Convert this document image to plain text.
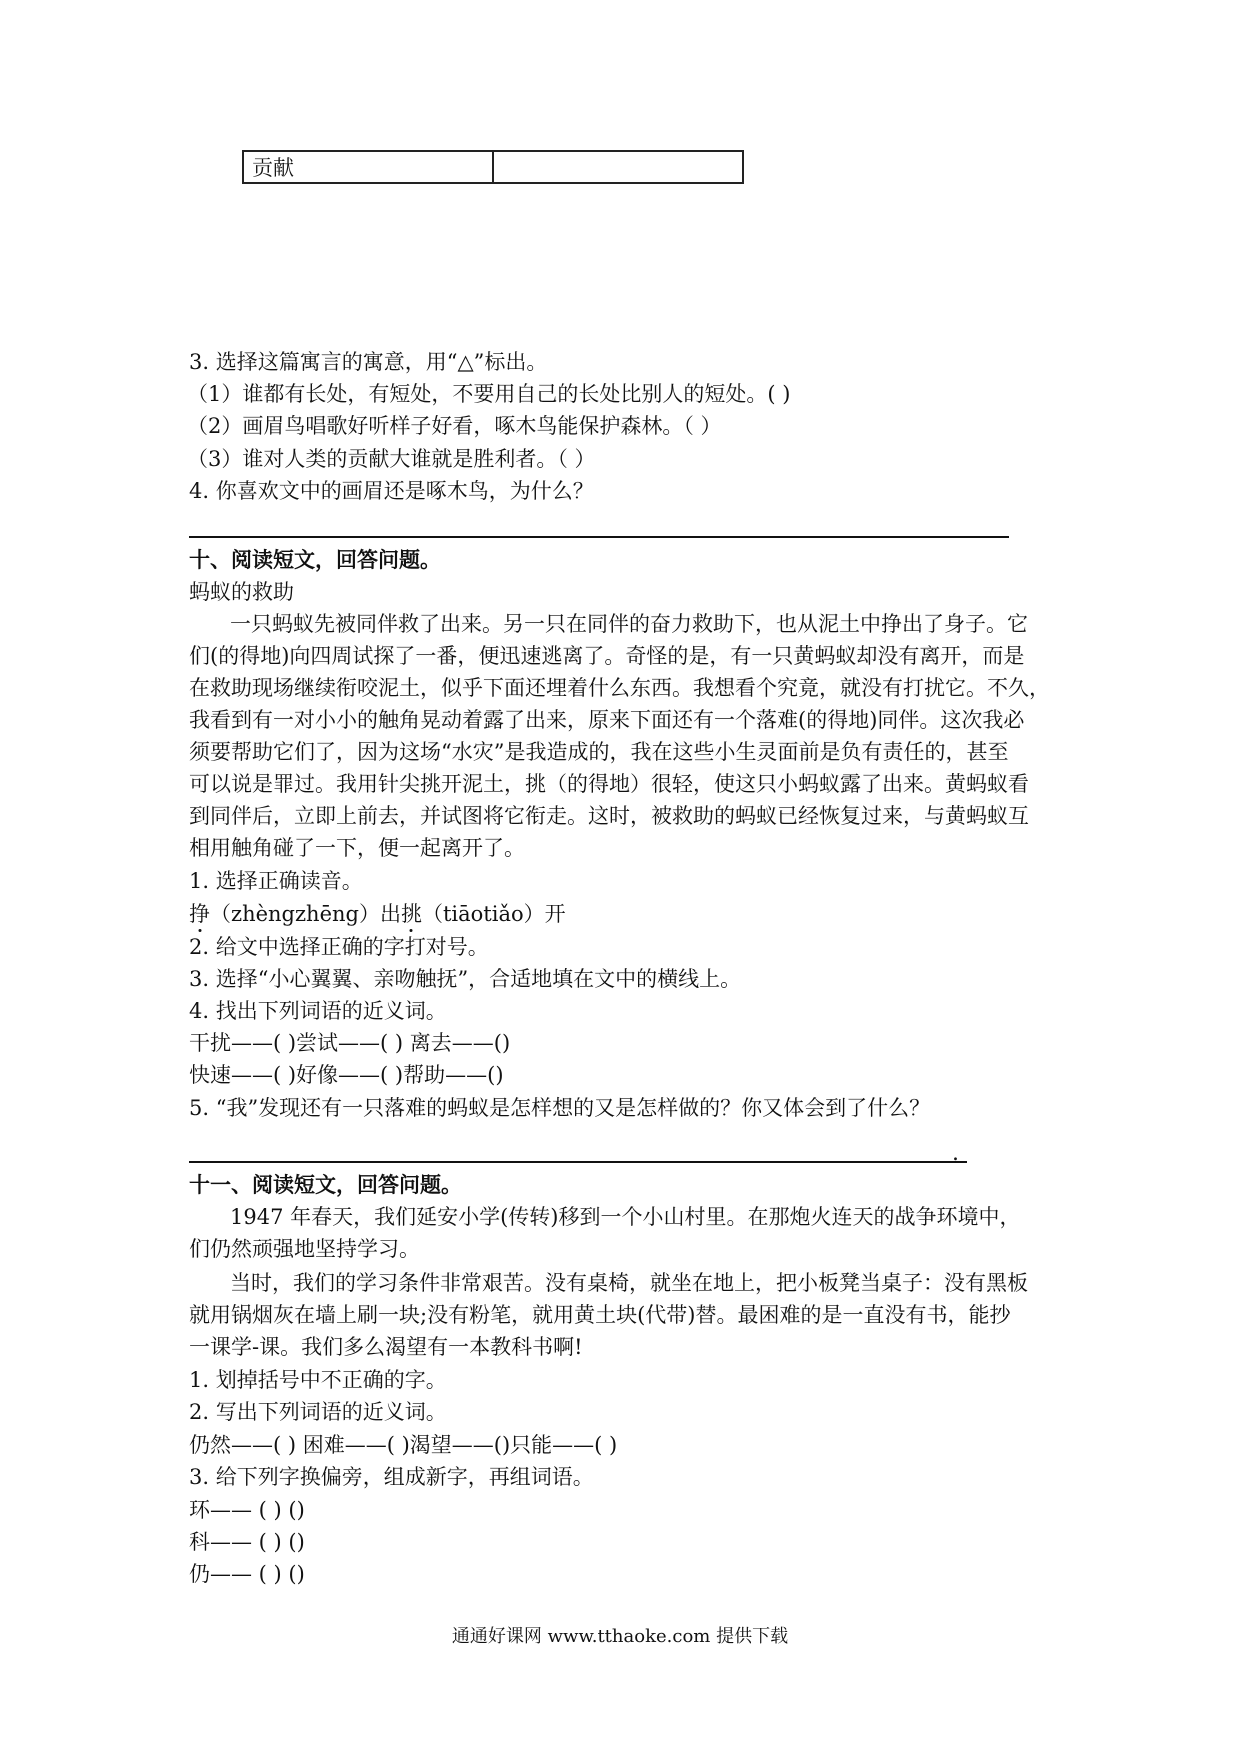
贡献	
3. 选择这篇寓言的寓意，用“△”标出。
（1）谁都有长处，有短处，不要用自己的长处比别人的短处。( )
（2）画眉鸟唱歌好听样子好看，啄木鸟能保护森林。（ ）
（3）谁对人类的贡献大谁就是胜利者。（ ）
4. 你喜欢文中的画眉还是啄木鸟，为什么？
十、阅读短文，回答问题。
蚂蚁的救助
一只蚂蚁先被同伴救了出来。另一只在同伴的奋力救助下，也从泥土中挣出了身子。它
们(的得地)向四周试探了一番，便迅速逃离了。奇怪的是，有一只黄蚂蚁却没有离开，而是
在救助现场继续衔咬泥土，似乎下面还埋着什么东西。我想看个究竟，就没有打扰它。不久，
我看到有一对小小的触角晃动着露了出来，原来下面还有一个落难(的得地)同伴。这次我必
须要帮助它们了，因为这场“水灾”是我造成的，我在这些小生灵面前是负有责任的，甚至
可以说是罪过。我用针尖挑开泥土，挑（的得地）很轻，使这只小蚂蚁露了出来。黄蚂蚁看
到同伴后，立即上前去，并试图将它衔走。这时，被救助的蚂蚁已经恢复过来，与黄蚂蚁互
相用触角碰了一下，便一起离开了。
1. 选择正确读音。
挣（zhèngzhēng）出挑（tiāotiǎo）开
2. 给文中选择正确的字打对号。
3. 选择“小心翼翼、亲吻触抚”，合适地填在文中的横线上。
4. 找出下列词语的近义词。
干扰——( )尝试——( ) 离去——()
快速——( )好像——( )帮助——()
5. “我”发现还有一只落难的蚂蚁是怎样想的又是怎样做的？你又体会到了什么？
.
十一、阅读短文，回答问题。
1947 年春天，我们延安小学(传转)移到一个小山村里。在那炮火连天的战争环境中，
们仍然顽强地坚持学习。
当时，我们的学习条件非常艰苦。没有桌椅，就坐在地上，把小板凳当桌子：没有黑板
就用锅烟灰在墙上刷一块;没有粉笔，就用黄土块(代带)替。最困难的是一直没有书，能抄
一课学-课。我们多么渴望有一本教科书啊!
1. 划掉括号中不正确的字。
2. 写出下列词语的近义词。
仍然——( ) 困难——( )渴望——()只能——( )
3. 给下列字换偏旁，组成新字，再组词语。
环—— ( ) ()
科—— ( ) ()
仍—— ( ) ()
通通好课网 www.tthaoke.com 提供下载
